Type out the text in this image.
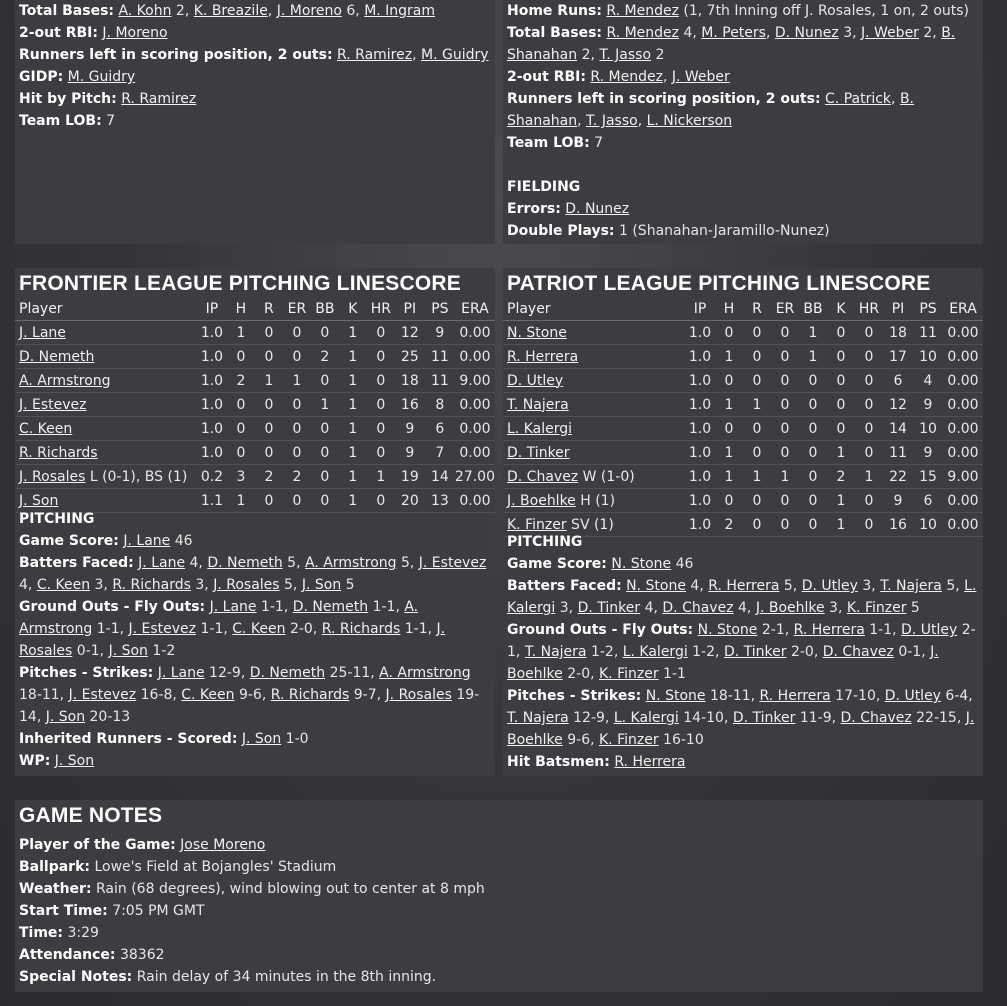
Total Bases: A. Kohn 2, K. Breazile, J. Moreno 6, M. Ingram
2-out RBI: J. Moreno
Runners left in scoring position, 2 outs: R. Ramirez, M. Guidry
GIDP: M. Guidry
Hit by Pitch: R. Ramirez
Team LOB: 7
Home Runs: R. Mendez (1, 7th Inning off J. Rosales, 1 on, 2 outs)
Total Bases: R. Mendez 4, M. Peters, D. Nunez 3, J. Weber 2, B. Shanahan 2, T. Jasso 2
2-out RBI: R. Mendez, J. Weber
Runners left in scoring position, 2 outs: C. Patrick, B. Shanahan, T. Jasso, L. Nickerson
Team LOB: 7

FIELDING
Errors: D. Nunez
Double Plays: 1 (Shanahan-Jaramillo-Nunez)
FRONTIER LEAGUE PITCHING LINESCORE
Player	IP	H	R	ER	BB	K	HR	PI	PS	ERA
J. Lane	1.0	1	0	0	0	1	0	12	9	0.00
D. Nemeth	1.0	0	0	0	2	1	0	25	11	0.00
A. Armstrong	1.0	2	1	1	0	1	0	18	11	9.00
J. Estevez	1.0	0	0	0	1	1	0	16	8	0.00
C. Keen	1.0	0	0	0	0	1	0	9	6	0.00
R. Richards	1.0	0	0	0	0	1	0	9	7	0.00
J. Rosales L (0-1), BS (1)	0.2	3	2	2	0	1	1	19	14	27.00
J. Son	1.1	1	0	0	0	1	0	20	13	0.00
PITCHING
Game Score: J. Lane 46
Batters Faced: J. Lane 4, D. Nemeth 5, A. Armstrong 5, J. Estevez 4, C. Keen 3, R. Richards 3, J. Rosales 5, J. Son 5
Ground Outs - Fly Outs: J. Lane 1-1, D. Nemeth 1-1, A. Armstrong 1-1, J. Estevez 1-1, C. Keen 2-0, R. Richards 1-1, J. Rosales 0-1, J. Son 1-2
Pitches - Strikes: J. Lane 12-9, D. Nemeth 25-11, A. Armstrong 18-11, J. Estevez 16-8, C. Keen 9-6, R. Richards 9-7, J. Rosales 19-14, J. Son 20-13
Inherited Runners - Scored: J. Son 1-0
WP: J. Son
PATRIOT LEAGUE PITCHING LINESCORE
Player	IP	H	R	ER	BB	K	HR	PI	PS	ERA
N. Stone	1.0	0	0	0	1	0	0	18	11	0.00
R. Herrera	1.0	1	0	0	1	0	0	17	10	0.00
D. Utley	1.0	0	0	0	0	0	0	6	4	0.00
T. Najera	1.0	1	1	0	0	0	0	12	9	0.00
L. Kalergi	1.0	0	0	0	0	0	0	14	10	0.00
D. Tinker	1.0	1	0	0	0	1	0	11	9	0.00
D. Chavez W (1-0)	1.0	1	1	1	0	2	1	22	15	9.00
J. Boehlke H (1)	1.0	0	0	0	0	1	0	9	6	0.00
K. Finzer SV (1)	1.0	2	0	0	0	1	0	16	10	0.00
PITCHING
Game Score: N. Stone 46
Batters Faced: N. Stone 4, R. Herrera 5, D. Utley 3, T. Najera 5, L. Kalergi 3, D. Tinker 4, D. Chavez 4, J. Boehlke 3, K. Finzer 5
Ground Outs - Fly Outs: N. Stone 2-1, R. Herrera 1-1, D. Utley 2-1, T. Najera 1-2, L. Kalergi 1-2, D. Tinker 2-0, D. Chavez 0-1, J. Boehlke 2-0, K. Finzer 1-1
Pitches - Strikes: N. Stone 18-11, R. Herrera 17-10, D. Utley 6-4, T. Najera 12-9, L. Kalergi 14-10, D. Tinker 11-9, D. Chavez 22-15, J. Boehlke 9-6, K. Finzer 16-10
Hit Batsmen: R. Herrera
GAME NOTES
Player of the Game: Jose Moreno
Ballpark: Lowe's Field at Bojangles' Stadium
Weather: Rain (68 degrees), wind blowing out to center at 8 mph
Start Time: 7:05 PM GMT
Time: 3:29
Attendance: 38362
Special Notes: Rain delay of 34 minutes in the 8th inning.
